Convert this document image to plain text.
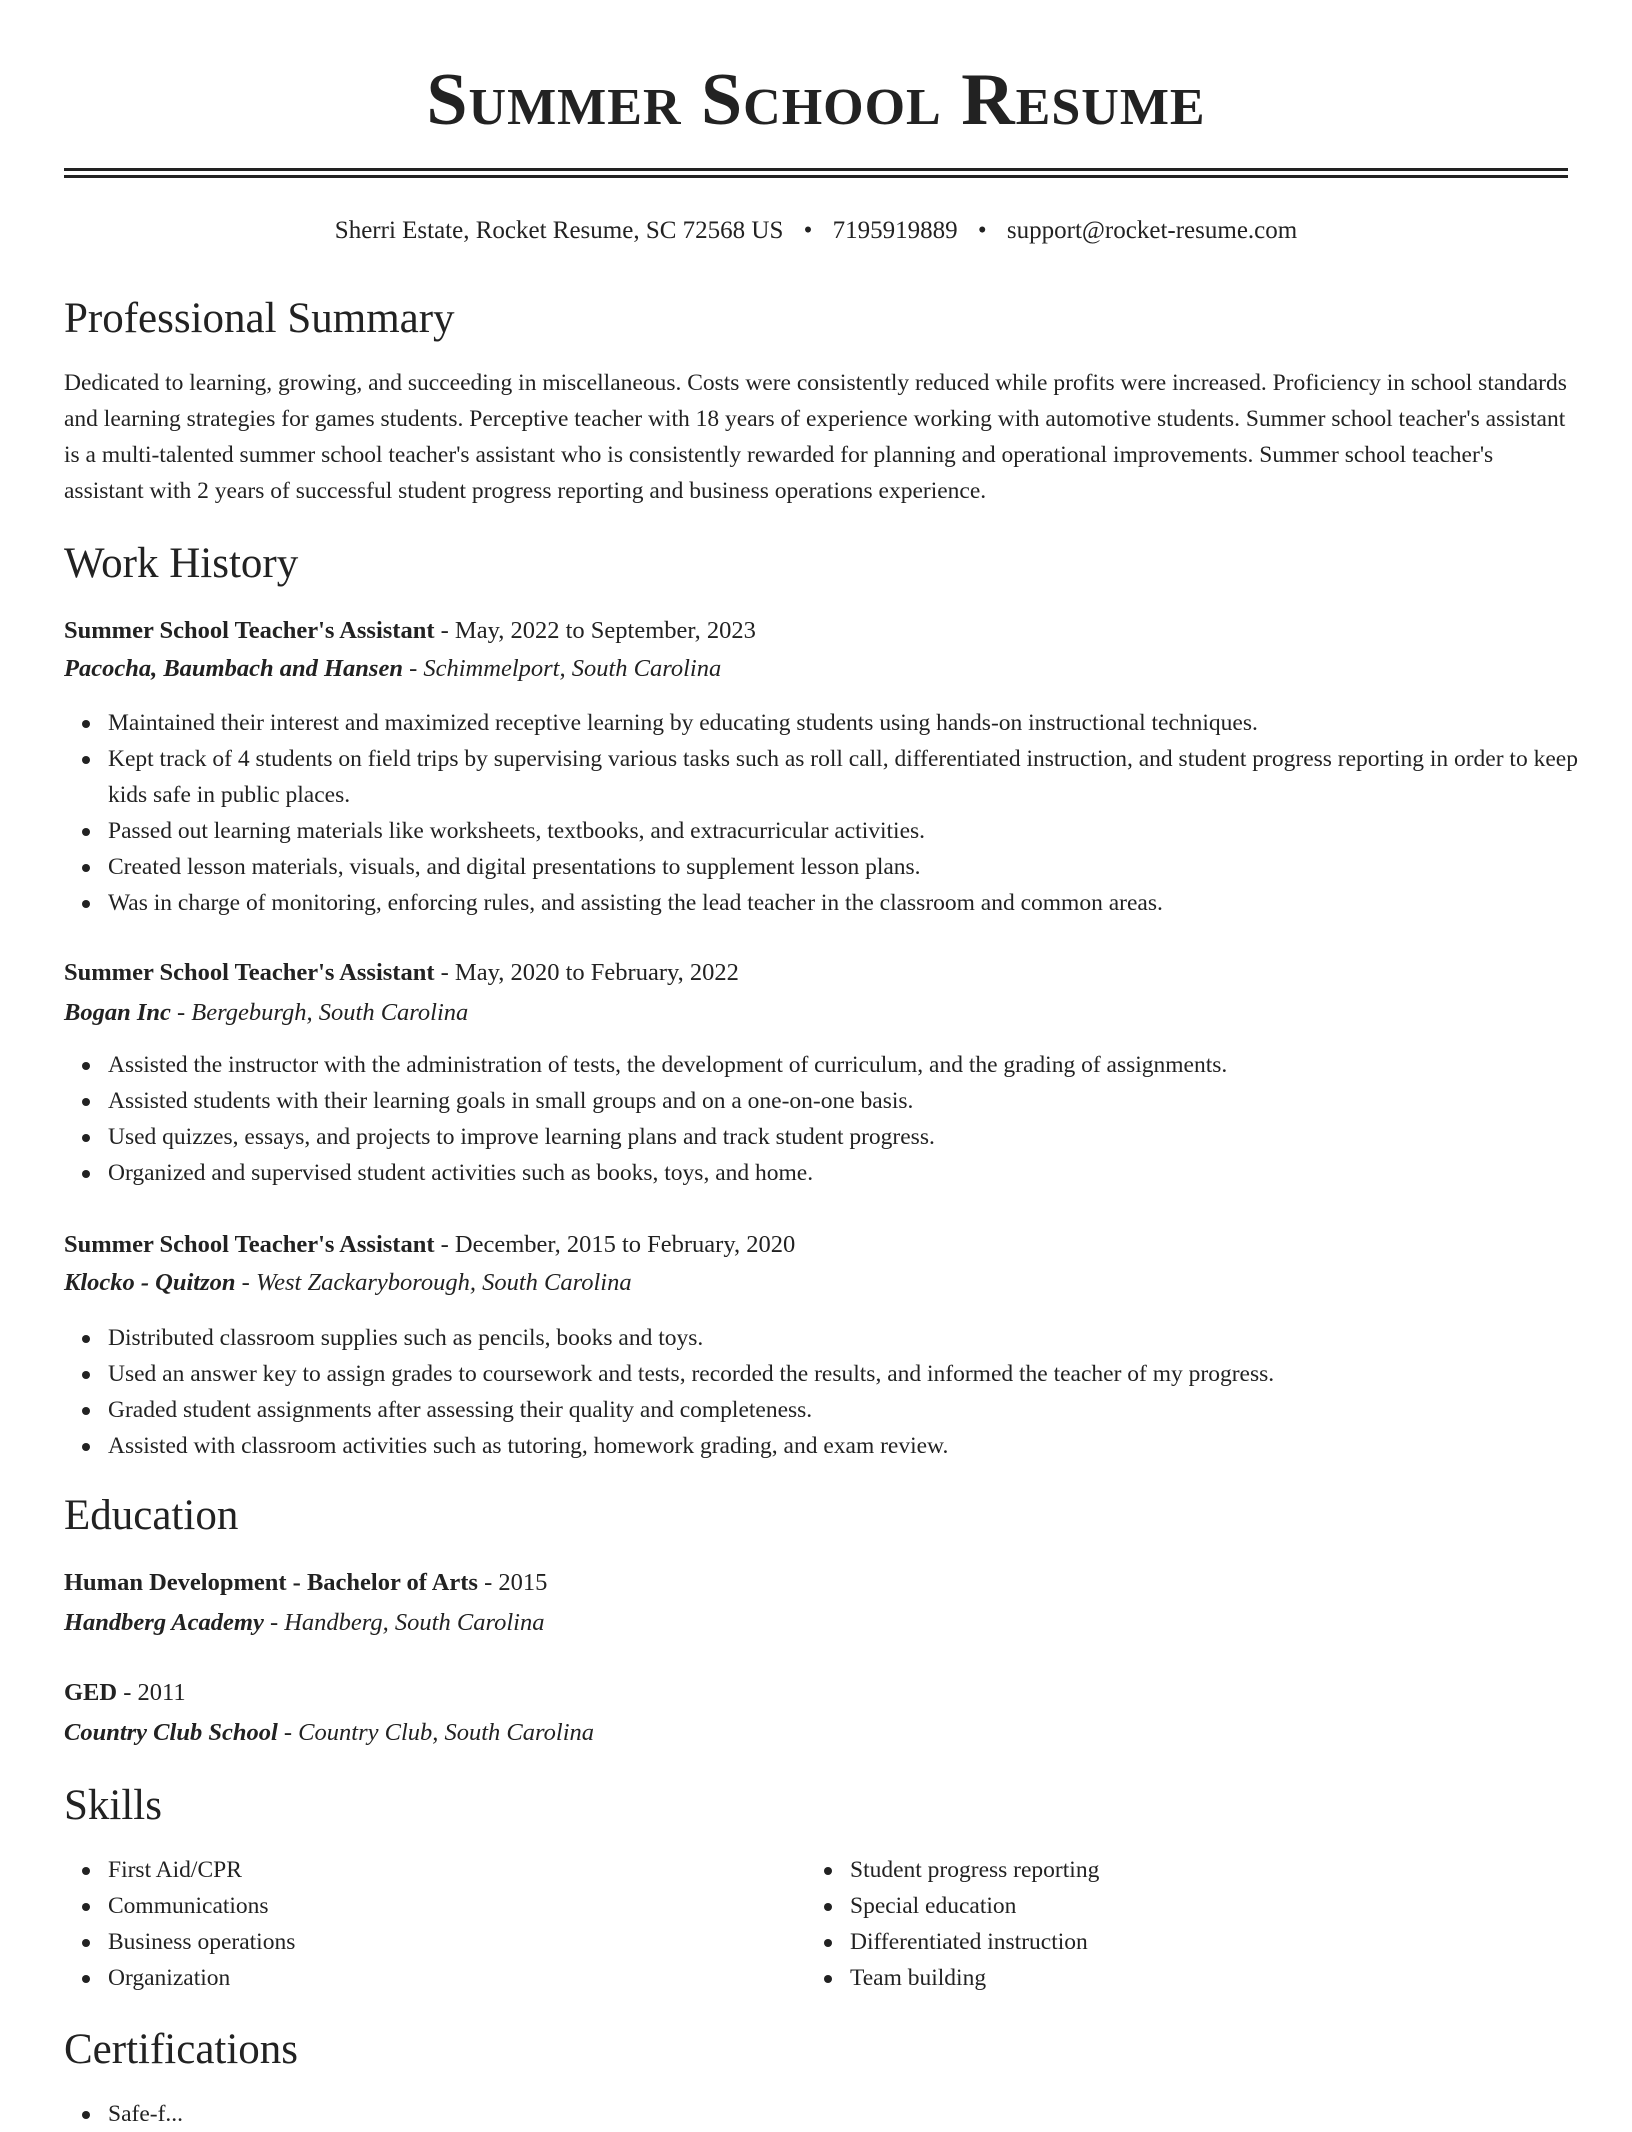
Summer School Resume
Sherri Estate, Rocket Resume, SC 72568 US • 7195919889 • support@rocket-resume.com
Professional Summary
Dedicated to learning, growing, and succeeding in miscellaneous. Costs were consistently reduced while profits were increased. Proficiency in school standards and learning strategies for games students. Perceptive teacher with 18 years of experience working with automotive students. Summer school teacher's assistant is a multi-talented summer school teacher's assistant who is consistently rewarded for planning and operational improvements. Summer school teacher's assistant with 2 years of successful student progress reporting and business operations experience.
Work History
Summer School Teacher's Assistant - May, 2022 to September, 2023
Pacocha, Baumbach and Hansen - Schimmelport, South Carolina
Maintained their interest and maximized receptive learning by educating students using hands-on instructional techniques.
Kept track of 4 students on field trips by supervising various tasks such as roll call, differentiated instruction, and student progress reporting in order to keep kids safe in public places.
Passed out learning materials like worksheets, textbooks, and extracurricular activities.
Created lesson materials, visuals, and digital presentations to supplement lesson plans.
Was in charge of monitoring, enforcing rules, and assisting the lead teacher in the classroom and common areas.
Summer School Teacher's Assistant - May, 2020 to February, 2022
Bogan Inc - Bergeburgh, South Carolina
Assisted the instructor with the administration of tests, the development of curriculum, and the grading of assignments.
Assisted students with their learning goals in small groups and on a one-on-one basis.
Used quizzes, essays, and projects to improve learning plans and track student progress.
Organized and supervised student activities such as books, toys, and home.
Summer School Teacher's Assistant - December, 2015 to February, 2020
Klocko - Quitzon - West Zackaryborough, South Carolina
Distributed classroom supplies such as pencils, books and toys.
Used an answer key to assign grades to coursework and tests, recorded the results, and informed the teacher of my progress.
Graded student assignments after assessing their quality and completeness.
Assisted with classroom activities such as tutoring, homework grading, and exam review.
Education
Human Development - Bachelor of Arts - 2015
Handberg Academy - Handberg, South Carolina
GED - 2011
Country Club School - Country Club, South Carolina
Skills
First Aid/CPR
Communications
Business operations
Organization
Student progress reporting
Special education
Differentiated instruction
Team building
Certifications
Safe-f...
